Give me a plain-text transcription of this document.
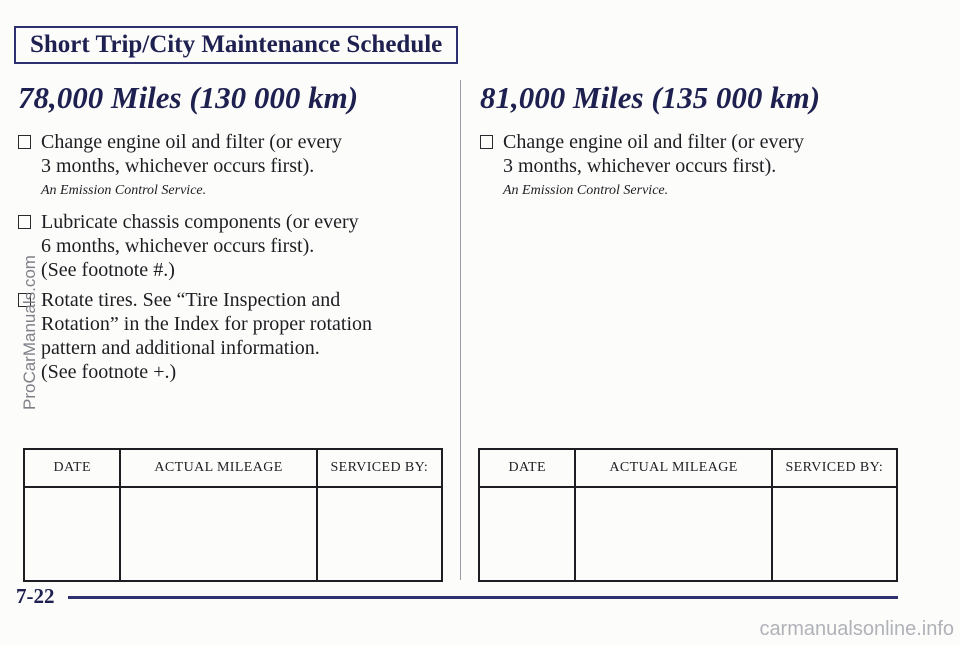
Short Trip/City Maintenance Schedule
78,000 Miles (130 000 km)
Change engine oil and filter (or every
3 months, whichever occurs first).
An Emission Control Service.
Lubricate chassis components (or every
6 months, whichever occurs first).
(See footnote #.)
Rotate tires. See “Tire Inspection and
Rotation” in the Index for proper rotation
pattern and additional information.
(See footnote +.)
81,000 Miles (135 000 km)
Change engine oil and filter (or every
3 months, whichever occurs first).
An Emission Control Service.
DATE	ACTUAL MILEAGE	SERVICED BY:
			DATE	ACTUAL MILEAGE	SERVICED BY:

7-22
ProCarManuals.com
carmanualsonline.info
